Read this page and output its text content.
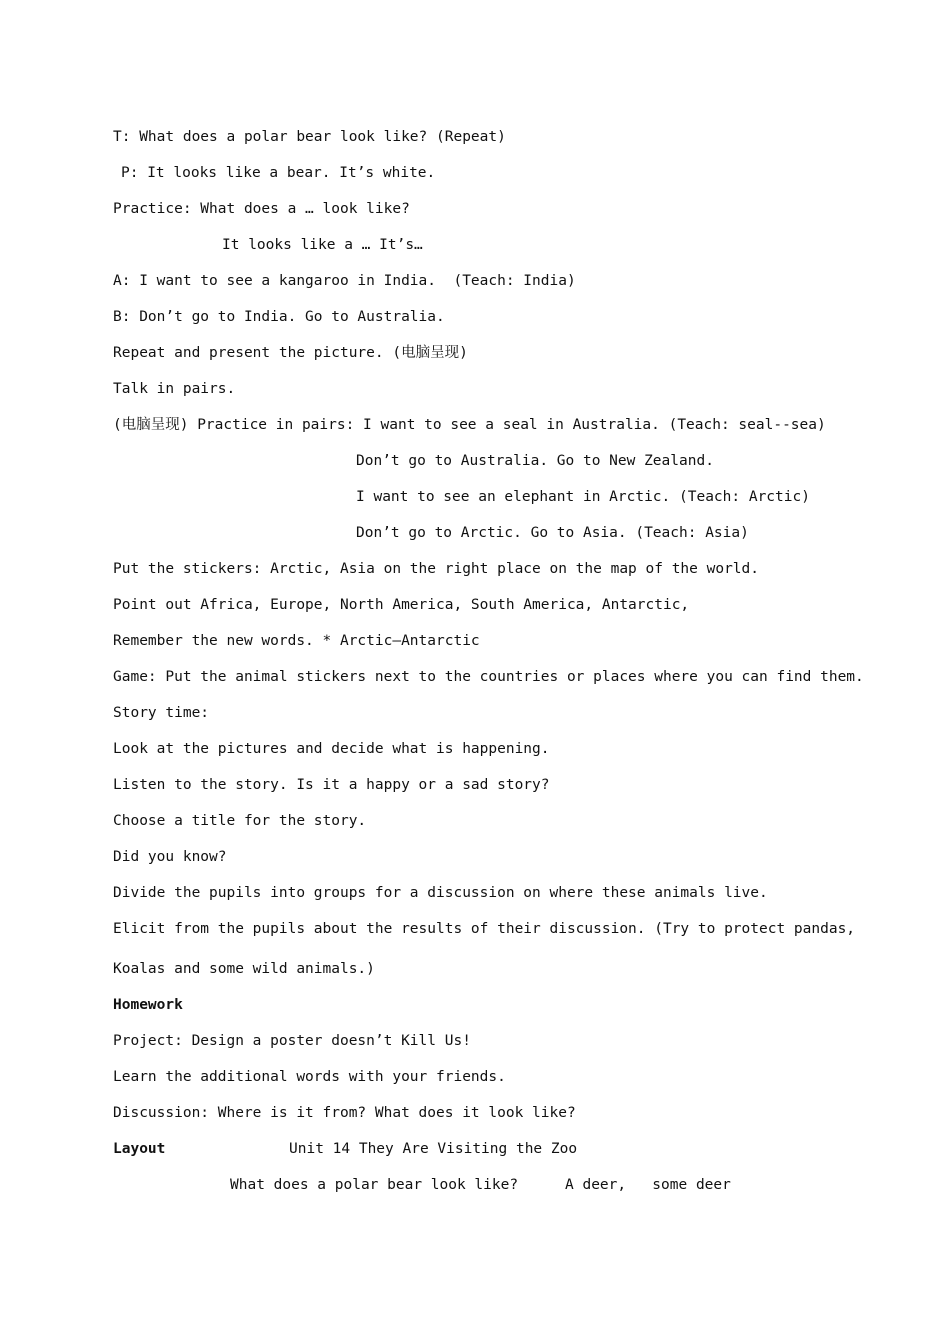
T: What does a polar bear look like? (Repeat)
P: It looks like a bear. It’s white.
Practice: What does a … look like?
It looks like a … It’s…
A: I want to see a kangaroo in India.  (Teach: India)
B: Don’t go to India. Go to Australia.
Repeat and present the picture. (电脑呈现)
Talk in pairs.
(电脑呈现) Practice in pairs: I want to see a seal in Australia. (Teach: seal--sea)
Don’t go to Australia. Go to New Zealand.
I want to see an elephant in Arctic. (Teach: Arctic)
Don’t go to Arctic. Go to Asia. (Teach: Asia)
Put the stickers: Arctic, Asia on the right place on the map of the world.
Point out Africa, Europe, North America, South America, Antarctic,
Remember the new words. * Arctic—Antarctic
Game: Put the animal stickers next to the countries or places where you can find them.
Story time:
Look at the pictures and decide what is happening.
Listen to the story. Is it a happy or a sad story?
Choose a title for the story.
Did you know?
Divide the pupils into groups for a discussion on where these animals live.
Elicit from the pupils about the results of their discussion. (Try to protect pandas,
Koalas and some wild animals.)
Homework
Project: Design a poster doesn’t Kill Us!
Learn the additional words with your friends.
Discussion: Where is it from? What does it look like?
Layout	Unit 14 They Are Visiting the Zoo
What does a polar bear look like?	A deer,   some deer
